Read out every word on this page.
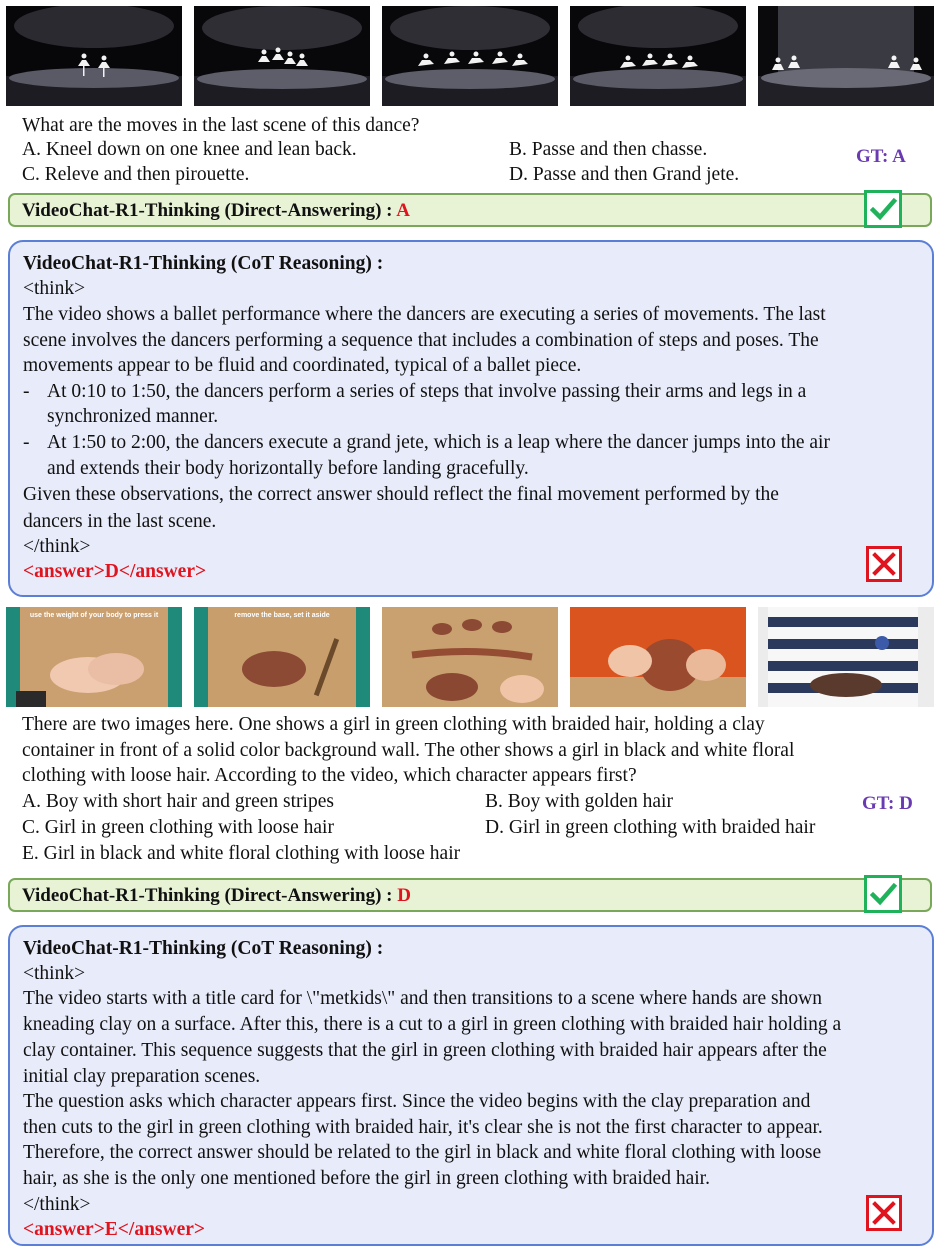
What are the moves in the last scene of this dance?
A. Kneel down on one knee and lean back.	B. Passe and then chasse.
C. Releve and then pirouette.	D. Passe and then Grand jete.
GT: A
VideoChat-R1-Thinking (Direct-Answering) : A
VideoChat-R1-Thinking (CoT Reasoning) :
<think>
The video shows a ballet performance where the dancers are executing a series of movements. The last
scene involves the dancers performing a sequence that includes a combination of steps and poses. The
movements appear to be fluid and coordinated, typical of a ballet piece.
- At 0:10 to 1:50, the dancers perform a series of steps that involve passing their arms and legs in a
synchronized manner.
- At 1:50 to 2:00, the dancers execute a grand jete, which is a leap where the dancer jumps into the air
and extends their body horizontally before landing gracefully.
Given these observations, the correct answer should reflect the final movement performed by the
dancers in the last scene.
</think>
<answer>D</answer>
use the weight of your body to press it	remove the base, set it aside
There are two images here. One shows a girl in green clothing with braided hair, holding a clay
container in front of a solid color background wall. The other shows a girl in black and white floral
clothing with loose hair. According to the video, which character appears first?
A. Boy with short hair and green stripes	B. Boy with golden hair
C. Girl in green clothing with loose hair	D. Girl in green clothing with braided hair
E. Girl in black and white floral clothing with loose hair
GT: D
VideoChat-R1-Thinking (Direct-Answering) : D
VideoChat-R1-Thinking (CoT Reasoning) :
<think>
The video starts with a title card for \"metkids\" and then transitions to a scene where hands are shown
kneading clay on a surface. After this, there is a cut to a girl in green clothing with braided hair holding a
clay container. This sequence suggests that the girl in green clothing with braided hair appears after the
initial clay preparation scenes.
The question asks which character appears first. Since the video begins with the clay preparation and
then cuts to the girl in green clothing with braided hair, it's clear she is not the first character to appear.
Therefore, the correct answer should be related to the girl in black and white floral clothing with loose
hair, as she is the only one mentioned before the girl in green clothing with braided hair.
</think>
<answer>E</answer>
